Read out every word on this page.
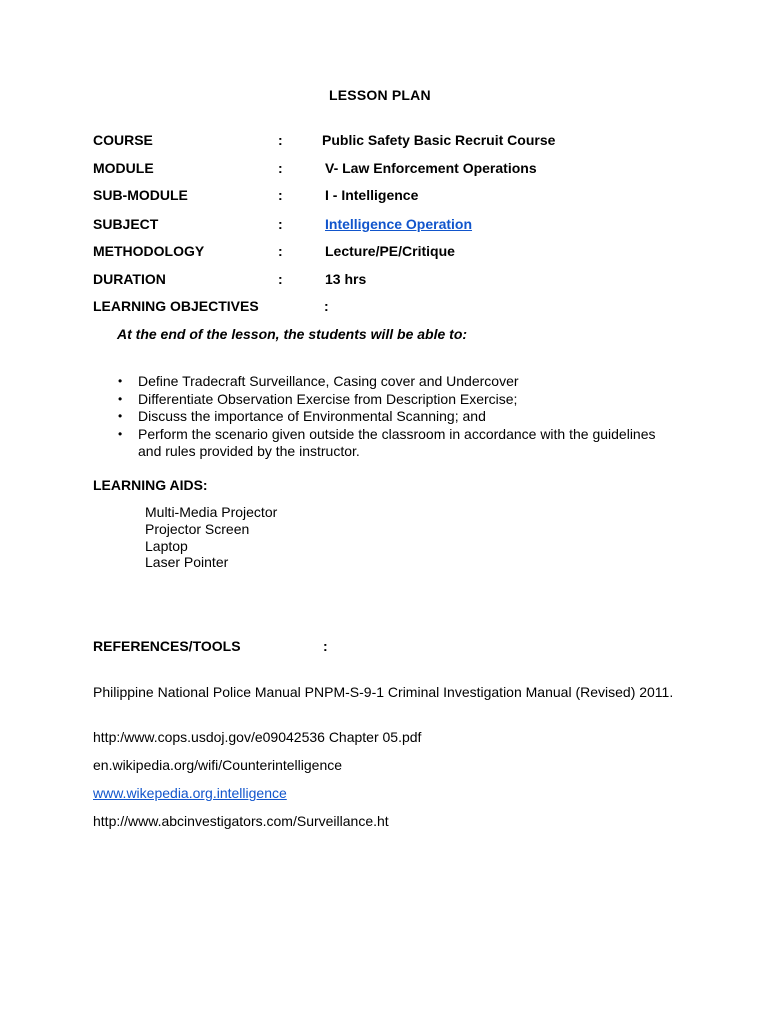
LESSON PLAN
COURSE	:	Public Safety Basic Recruit Course
MODULE	:	V- Law Enforcement Operations
SUB-MODULE	:	I - Intelligence
SUBJECT	:	Intelligence Operation
METHODOLOGY	:	Lecture/PE/Critique
DURATION	:	13 hrs
LEARNING OBJECTIVES	:
At the end of the lesson, the students will be able to:
• Define Tradecraft Surveillance, Casing cover and Undercover
• Differentiate Observation Exercise from Description Exercise;
• Discuss the importance of Environmental Scanning; and
• Perform the scenario given outside the classroom in accordance with the guidelines and rules provided by the instructor.
LEARNING AIDS:
Multi-Media Projector
Projector Screen
Laptop
Laser Pointer
REFERENCES/TOOLS	:
Philippine National Police Manual PNPM-S-9-1 Criminal Investigation Manual (Revised) 2011.
http:/www.cops.usdoj.gov/e09042536 Chapter 05.pdf
en.wikipedia.org/wifi/Counterintelligence
www.wikepedia.org.intelligence
http://www.abcinvestigators.com/Surveillance.ht
